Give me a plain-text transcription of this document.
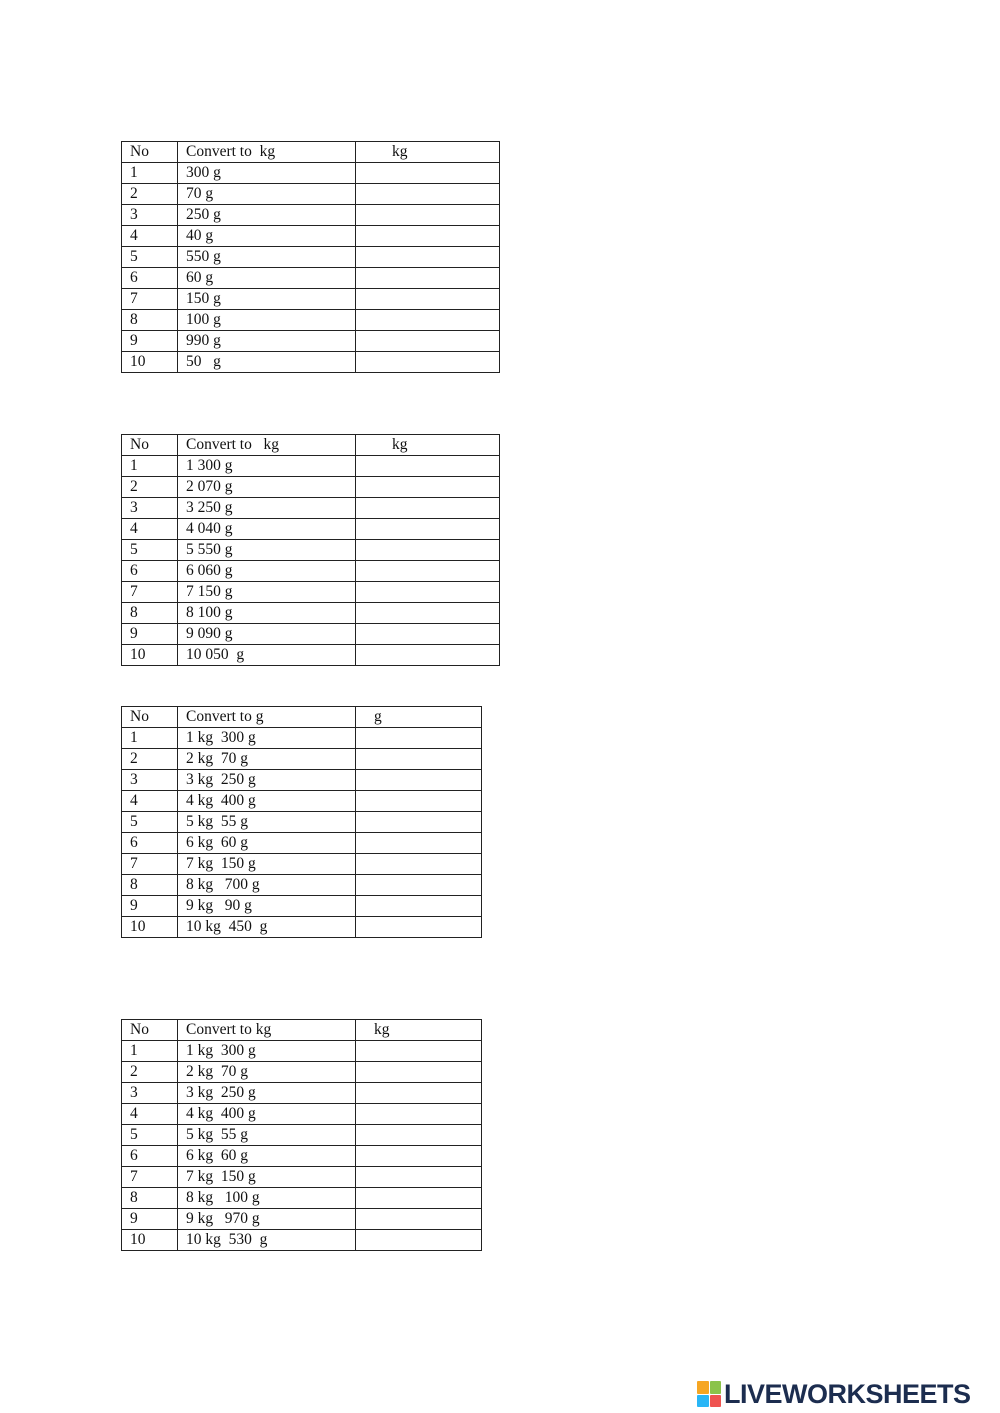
No	Convert to  kg	kg
1	300 g	
2	70 g	
3	250 g	
4	40 g	
5	550 g	
6	60 g	
7	150 g	
8	100 g	
9	990 g	
10	50   g	
No	Convert to   kg	kg
1	1 300 g	
2	2 070 g	
3	3 250 g	
4	4 040 g	
5	5 550 g	
6	6 060 g	
7	7 150 g	
8	8 100 g	
9	9 090 g	
10	10 050  g	
No	Convert to g	g
1	1 kg  300 g	
2	2 kg  70 g	
3	3 kg  250 g	
4	4 kg  400 g	
5	5 kg  55 g	
6	6 kg  60 g	
7	7 kg  150 g	
8	8 kg   700 g	
9	9 kg   90 g	
10	10 kg  450  g	
No	Convert to kg	kg
1	1 kg  300 g	
2	2 kg  70 g	
3	3 kg  250 g	
4	4 kg  400 g	
5	5 kg  55 g	
6	6 kg  60 g	
7	7 kg  150 g	
8	8 kg   100 g	
9	9 kg   970 g	
10	10 kg  530  g	
LIVEWORKSHEETS
